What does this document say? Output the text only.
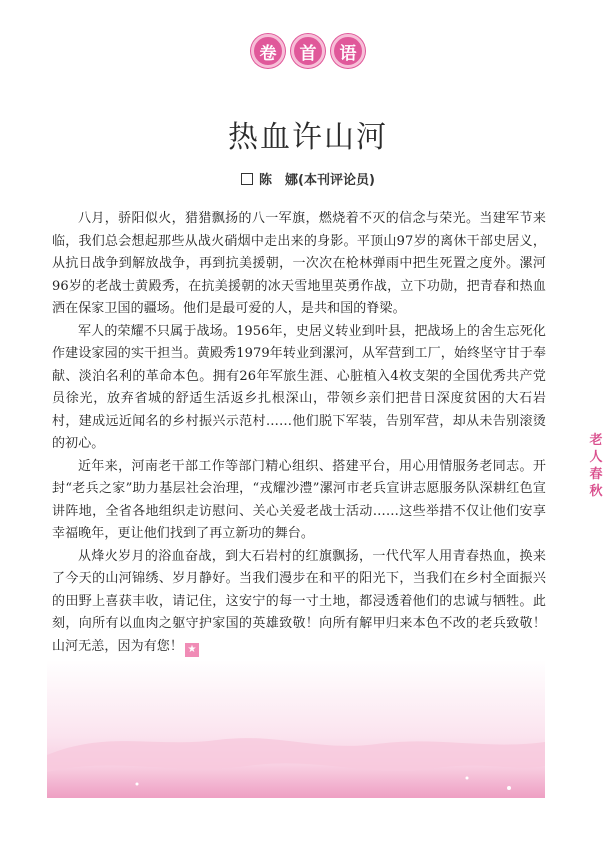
卷	首	语
热血许山河
陈　娜(本刊评论员)

八月，骄阳似火，猎猎飘扬的八一军旗，燃烧着不灭的信念与荣光。当建军节来临，我们总会想起那些从战火硝烟中走出来的身影。平顶山97岁的离休干部史居义，从抗日战争到解放战争，再到抗美援朝，一次次在枪林弹雨中把生死置之度外。漯河96岁的老战士黄殿秀，在抗美援朝的冰天雪地里英勇作战，立下功勋，把青春和热血洒在保家卫国的疆场。他们是最可爱的人，是共和国的脊梁。

军人的荣耀不只属于战场。1956年，史居义转业到叶县，把战场上的舍生忘死化作建设家园的实干担当。黄殿秀1979年转业到漯河，从军营到工厂，始终坚守甘于奉献、淡泊名利的革命本色。拥有26年军旅生涯、心脏植入4枚支架的全国优秀共产党员徐光，放弃省城的舒适生活返乡扎根深山，带领乡亲们把昔日深度贫困的大石岩村，建成远近闻名的乡村振兴示范村……他们脱下军装，告别军营，却从未告别滚烫的初心。

近年来，河南老干部工作等部门精心组织、搭建平台，用心用情服务老同志。开封“老兵之家”助力基层社会治理，“戎耀沙澧”漯河市老兵宣讲志愿服务队深耕红色宣讲阵地，全省各地组织走访慰问、关心关爱老战士活动……这些举措不仅让他们安享幸福晚年，更让他们找到了再立新功的舞台。

从烽火岁月的浴血奋战，到大石岩村的红旗飘扬，一代代军人用青春热血，换来了今天的山河锦绣、岁月静好。当我们漫步在和平的阳光下，当我们在乡村全面振兴的田野上喜获丰收，请记住，这安宁的每一寸土地，都浸透着他们的忠诚与牺牲。此刻，向所有以血肉之躯守护家国的英雄致敬！向所有解甲归来本色不改的老兵致敬！山河无恙，因为有您！ ★

老
人
春
秋
